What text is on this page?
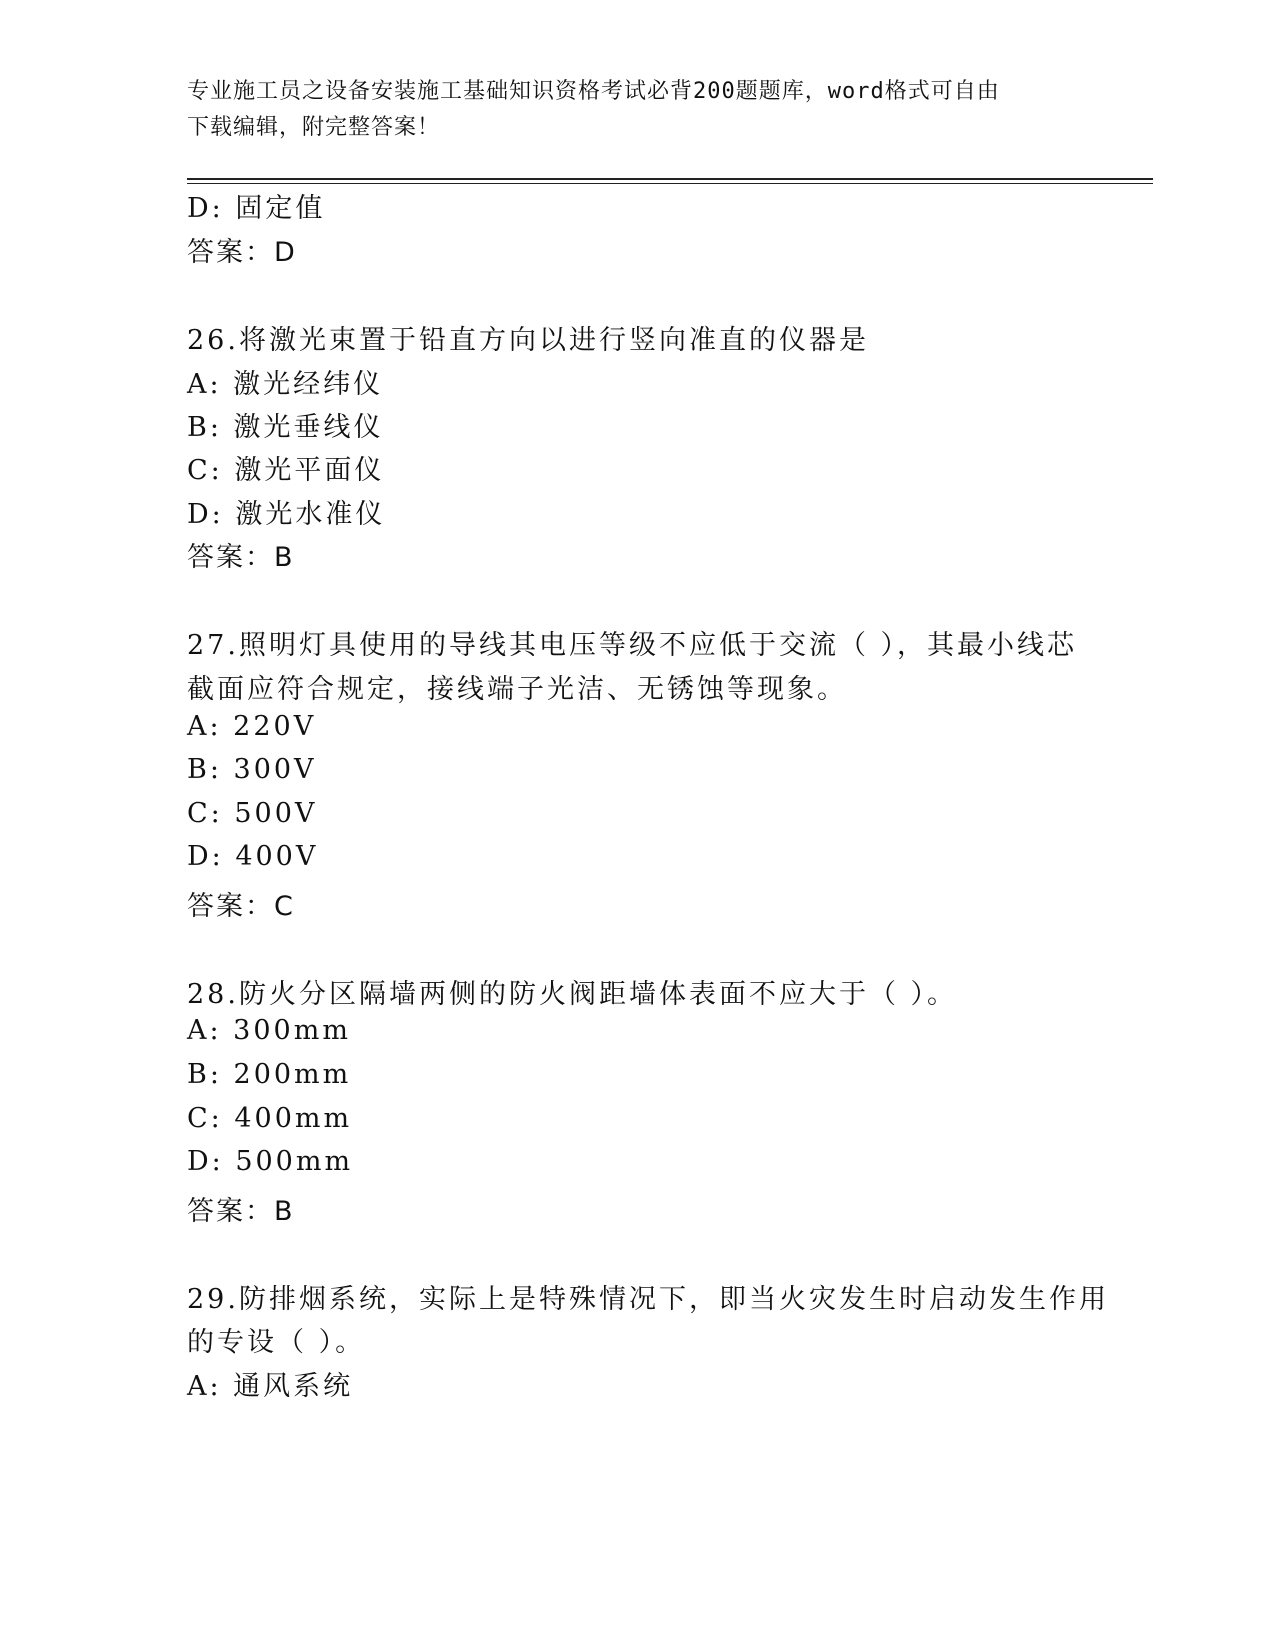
专业施工员之设备安装施工基础知识资格考试必背200题题库，word格式可自由
下载编辑，附完整答案！
D: 固定值
答案：D
26.将激光束置于铅直方向以进行竖向准直的仪器是
A: 激光经纬仪
B: 激光垂线仪
C: 激光平面仪
D: 激光水准仪
答案：B
27.照明灯具使用的导线其电压等级不应低于交流（ ），其最小线芯
截面应符合规定，接线端子光洁、无锈蚀等现象。
A: 220V
B: 300V
C: 500V
D: 400V
答案：C
28.防火分区隔墙两侧的防火阀距墙体表面不应大于（ ）。
A: 300mm
B: 200mm
C: 400mm
D: 500mm
答案：B
29.防排烟系统，实际上是特殊情况下，即当火灾发生时启动发生作用
的专设（ ）。
A: 通风系统
